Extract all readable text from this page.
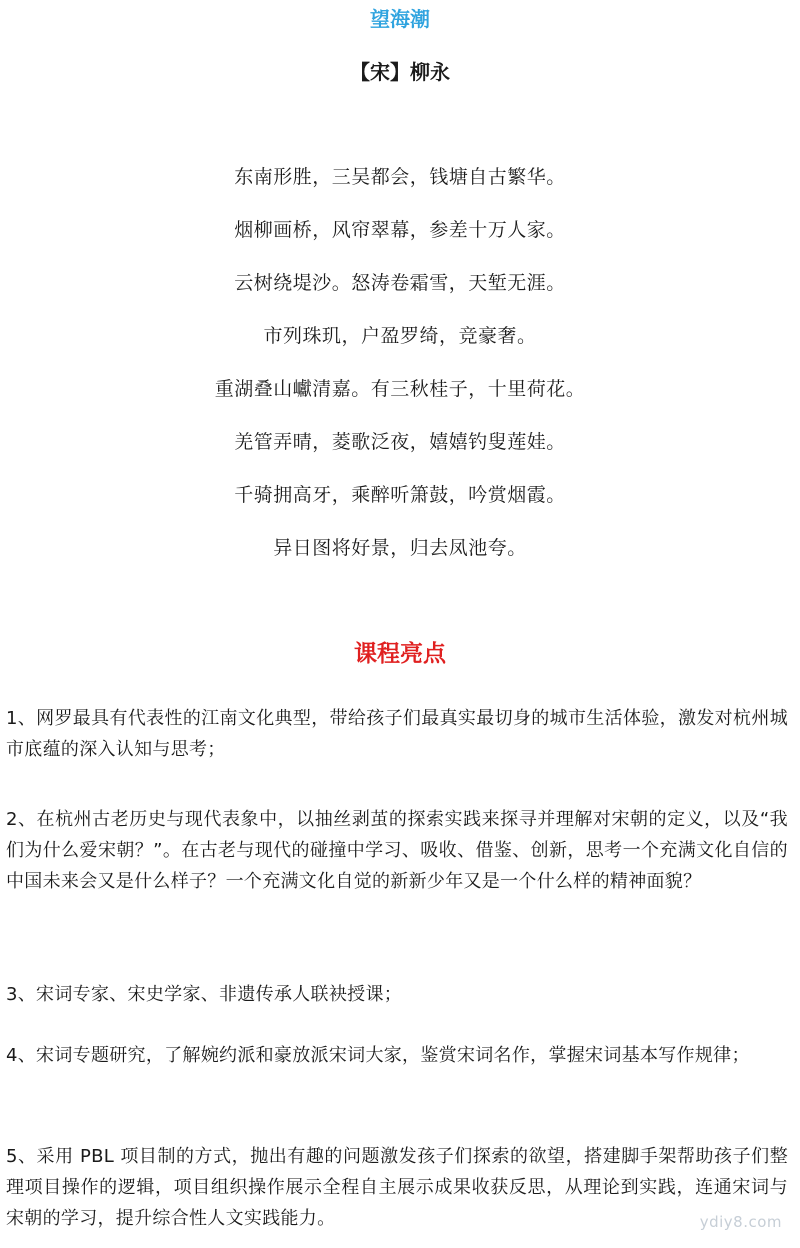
望海潮
【宋】柳永
东南形胜，三吴都会，钱塘自古繁华。
烟柳画桥，风帘翠幕，参差十万人家。
云树绕堤沙。怒涛卷霜雪，天堑无涯。
市列珠玑，户盈罗绮，竞豪奢。
重湖叠山巘清嘉。有三秋桂子，十里荷花。
羌管弄晴，菱歌泛夜，嬉嬉钓叟莲娃。
千骑拥高牙，乘醉听箫鼓，吟赏烟霞。
异日图将好景，归去凤池夸。
课程亮点
1、网罗最具有代表性的江南文化典型，带给孩子们最真实最切身的城市生活体验，激发对杭州城市底蕴的深入认知与思考；
2、在杭州古老历史与现代表象中，以抽丝剥茧的探索实践来探寻并理解对宋朝的定义，以及“我们为什么爱宋朝？”。在古老与现代的碰撞中学习、吸收、借鉴、创新，思考一个充满文化自信的中国未来会又是什么样子？一个充满文化自觉的新新少年又是一个什么样的精神面貌？
3、宋词专家、宋史学家、非遗传承人联袂授课；
4、宋词专题研究，了解婉约派和豪放派宋词大家，鉴赏宋词名作，掌握宋词基本写作规律；
5、采用 PBL 项目制的方式，抛出有趣的问题激发孩子们探索的欲望，搭建脚手架帮助孩子们整理项目操作的逻辑，项目组织操作展示全程自主展示成果收获反思，从理论到实践，连通宋词与宋朝的学习，提升综合性人文实践能力。	ydiy8.com
